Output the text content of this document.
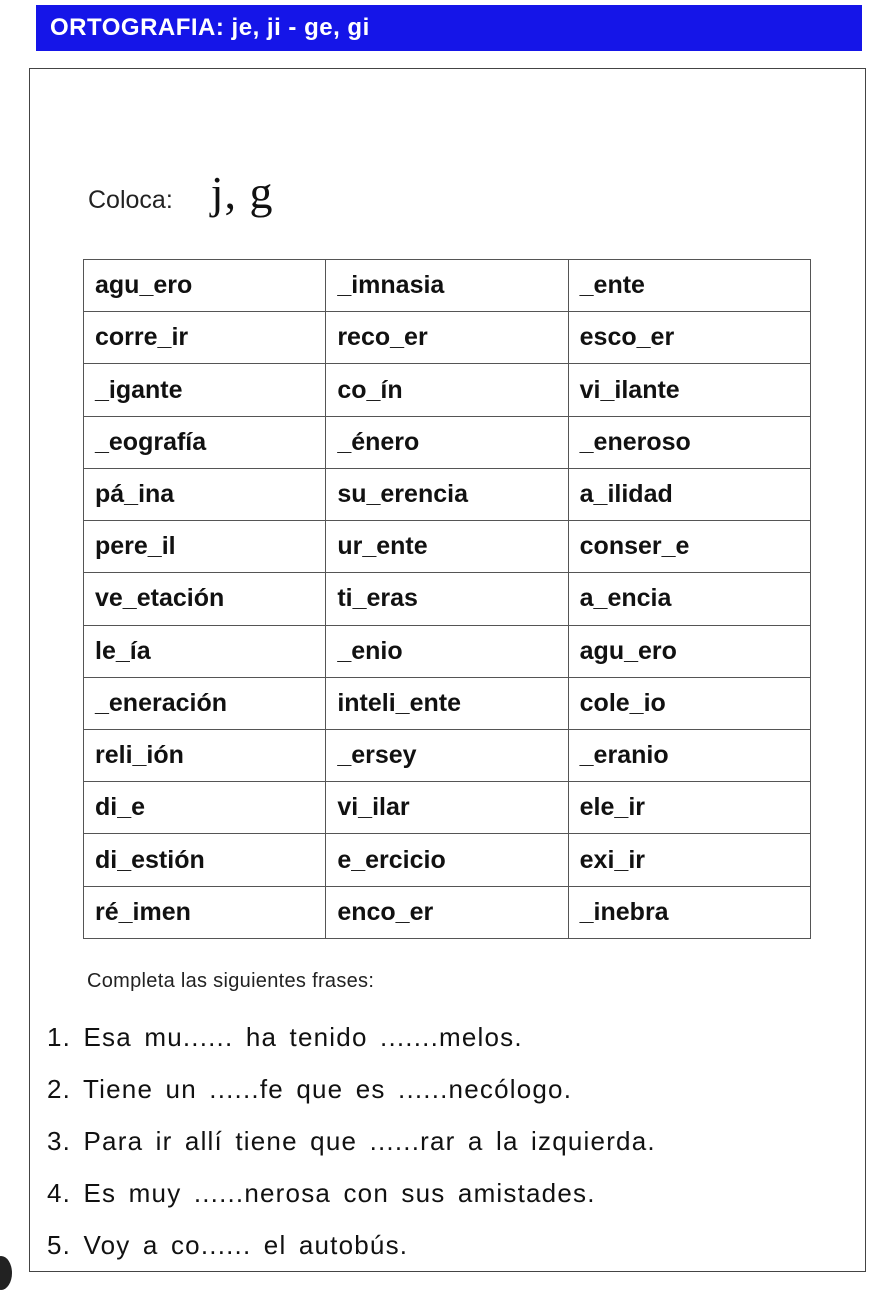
ORTOGRAFIA: je, ji - ge, gi
Coloca: j, g
agu_ero	_imnasia	_ente
corre_ir	reco_er	esco_er
_igante	co_ín	vi_ilante
_eografía	_énero	_eneroso
pá_ina	su_erencia	a_ilidad
pere_il	ur_ente	conser_e
ve_etación	ti_eras	a_encia
le_ía	_enio	agu_ero
_eneración	inteli_ente	cole_io
reli_ión	_ersey	_eranio
di_e	vi_ilar	ele_ir
di_estión	e_ercicio	exi_ir
ré_imen	enco_er	_inebra
Completa las siguientes frases:
1. Esa mu...... ha tenido .......melos.
2. Tiene un ......fe que es ......necólogo.
3. Para ir allí tiene que ......rar a la izquierda.
4. Es muy ......nerosa con sus amistades.
5. Voy a co...... el autobús.
